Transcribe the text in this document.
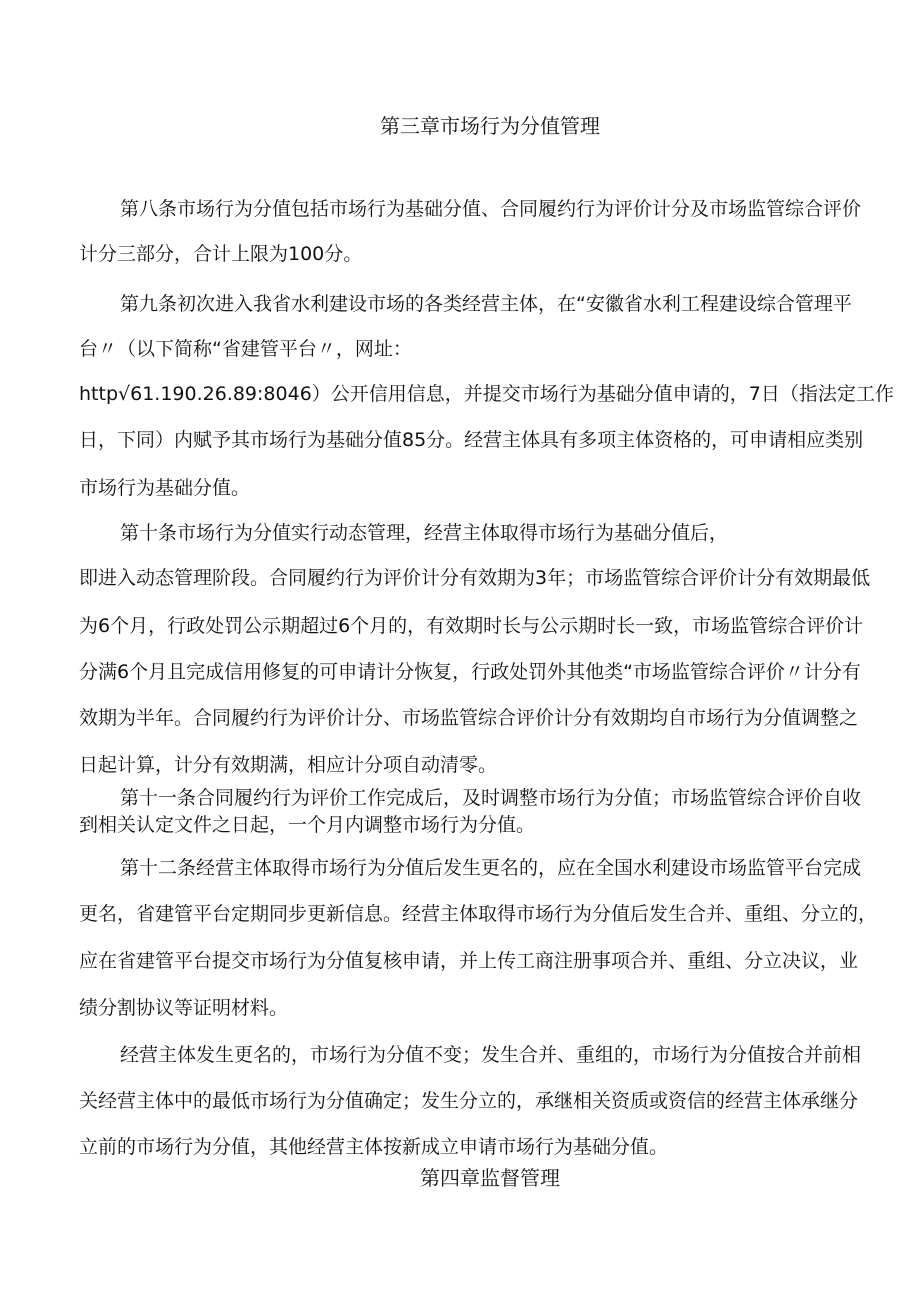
第三章市场行为分值管理
第八条市场行为分值包括市场行为基础分值、合同履约行为评价计分及市场监管综合评价
计分三部分，合计上限为100分。
第九条初次进入我省水利建设市场的各类经营主体，在“安徽省水利工程建设综合管理平
台〃（以下简称“省建管平台〃，网址：
http√61.190.26.89:8046）公开信用信息，并提交市场行为基础分值申请的，7日（指法定工作
日，下同）内赋予其市场行为基础分值85分。经营主体具有多项主体资格的，可申请相应类别
市场行为基础分值。
第十条市场行为分值实行动态管理，经营主体取得市场行为基础分值后，
即进入动态管理阶段。合同履约行为评价计分有效期为3年；市场监管综合评价计分有效期最低
为6个月，行政处罚公示期超过6个月的，有效期时长与公示期时长一致，市场监管综合评价计
分满6个月且完成信用修复的可申请计分恢复，行政处罚外其他类“市场监管综合评价〃计分有
效期为半年。合同履约行为评价计分、市场监管综合评价计分有效期均自市场行为分值调整之
日起计算，计分有效期满，相应计分项自动清零。
第十一条合同履约行为评价工作完成后，及时调整市场行为分值；市场监管综合评价自收
到相关认定文件之日起，一个月内调整市场行为分值。
第十二条经营主体取得市场行为分值后发生更名的，应在全国水利建设市场监管平台完成
更名，省建管平台定期同步更新信息。经营主体取得市场行为分值后发生合并、重组、分立的，
应在省建管平台提交市场行为分值复核申请，并上传工商注册事项合并、重组、分立决议，业
绩分割协议等证明材料。
经营主体发生更名的，市场行为分值不变；发生合并、重组的，市场行为分值按合并前相
关经营主体中的最低市场行为分值确定；发生分立的，承继相关资质或资信的经营主体承继分
立前的市场行为分值，其他经营主体按新成立申请市场行为基础分值。
第四章监督管理
